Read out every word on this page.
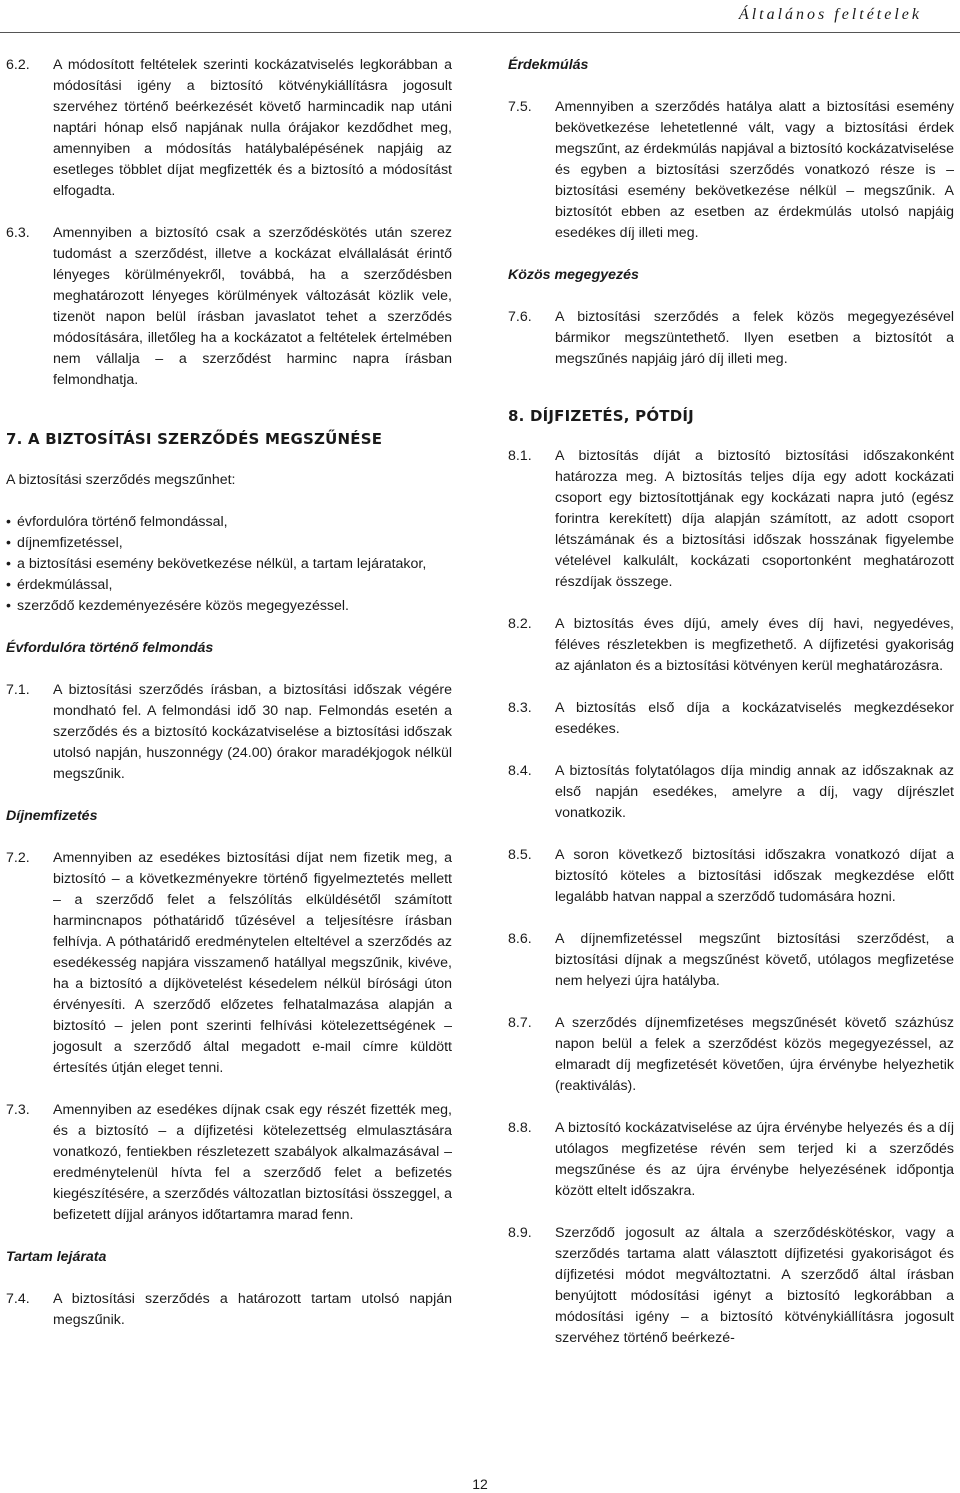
Általános feltételek
6.2.	A módosított feltételek szerinti kockázatviselés legkorábban a módosítási igény a biztosító kötvénykiállításra jogosult szervéhez történő beérkezését követő harmincadik nap utáni naptári hónap első napjának nulla órájakor kezdődhet meg, amennyiben a módosítás hatálybalépésének napjáig az esetleges többlet díjat megfizették és a biztosító a módosítást elfogadta.
6.3.	Amennyiben a biztosító csak a szerződéskötés után szerez tudomást a szerződést, illetve a kockázat elvállalását érintő lényeges körülményekről, továbbá, ha a szerződésben meghatározott lényeges körülmények változását közlik vele, tizenöt napon belül írásban javaslatot tehet a szerződés módosítására, illetőleg ha a kockázatot a feltételek értelmében nem vállalja – a szerződést harminc napra írásban felmondhatja.

7. A BIZTOSÍTÁSI SZERZŐDÉS MEGSZŰNÉSE

A biztosítási szerződés megszűnhet:

• évfordulóra történő felmondással,
• díjnemfizetéssel,
• a biztosítási esemény bekövetkezése nélkül, a tartam lejáratakor,
• érdekmúlással,
• szerződő kezdeményezésére közös megegyezéssel.

Évfordulóra történő felmondás

7.1.	A biztosítási szerződés írásban, a biztosítási időszak végére mondható fel. A felmondási idő 30 nap. Felmondás esetén a szerződés és a biztosító kockázatviselése a biztosítási időszak utolsó napján, huszonnégy (24.00) órakor maradékjogok nélkül megszűnik.

Díjnemfizetés

7.2.	Amennyiben az esedékes biztosítási díjat nem fizetik meg, a biztosító – a következményekre történő figyelmeztetés mellett – a szerződő felet a felszólítás elküldésétől számított harmincnapos póthatáridő tűzésével a teljesítésre írásban felhívja. A póthatáridő eredménytelen elteltével a szerződés az esedékesség napjára visszamenő hatállyal megszűnik, kivéve, ha a biztosító a díjkövetelést késedelem nélkül bírósági úton érvényesíti. A szerződő előzetes felhatalmazása alapján a biztosító – jelen pont szerinti felhívási kötelezettségének – jogosult a szerződő által megadott e-mail címre küldött értesítés útján eleget tenni.
7.3.	Amennyiben az esedékes díjnak csak egy részét fizették meg, és a biztosító – a díjfizetési kötelezettség elmulasztására vonatkozó, fentiekben részletezett szabályok alkalmazásával – eredménytelenül hívta fel a szerződő felet a befizetés kiegészítésére, a szerződés változatlan biztosítási összeggel, a befizetett díjjal arányos időtartamra marad fenn.

Tartam lejárata

7.4.	A biztosítási szerződés a határozott tartam utolsó napján megszűnik.

Érdekmúlás

7.5.	Amennyiben a szerződés hatálya alatt a biztosítási esemény bekövetkezése lehetetlenné vált, vagy a biztosítási érdek megszűnt, az érdekmúlás napjával a biztosító kockázatviselése és egyben a biztosítási szerződés vonatkozó része is – biztosítási esemény bekövetkezése nélkül – megszűnik. A biztosítót ebben az esetben az érdekmúlás utolsó napjáig esedékes díj illeti meg.

Közös megegyezés

7.6.	A biztosítási szerződés a felek közös megegyezésével bármikor megszüntethető. Ilyen esetben a biztosítót a megszűnés napjáig járó díj illeti meg.

8. DÍJFIZETÉS, PÓTDÍJ

8.1.	A biztosítás díját a biztosító biztosítási időszakonként határozza meg. A biztosítás teljes díja egy adott kockázati csoport egy biztosítottjának egy kockázati napra jutó (egész forintra kerekített) díja alapján számított, az adott csoport létszámának és a biztosítási időszak hosszának figyelembe vételével kalkulált, kockázati csoportonként meghatározott részdíjak összege.
8.2.	A biztosítás éves díjú, amely éves díj havi, negyedéves, féléves részletekben is megfizethető. A díjfizetési gyakoriság az ajánlaton és a biztosítási kötvényen kerül meghatározásra.
8.3.	A biztosítás első díja a kockázatviselés megkezdésekor esedékes.
8.4.	A biztosítás folytatólagos díja mindig annak az időszaknak az első napján esedékes, amelyre a díj, vagy díjrészlet vonatkozik.
8.5.	A soron következő biztosítási időszakra vonatkozó díjat a biztosító köteles a biztosítási időszak megkezdése előtt legalább hatvan nappal a szerződő tudomására hozni.
8.6.	A díjnemfizetéssel megszűnt biztosítási szerződést, a biztosítási díjnak a megszűnést követő, utólagos megfizetése nem helyezi újra hatályba.
8.7.	A szerződés díjnemfizetéses megszűnését követő százhúsz napon belül a felek a szerződést közös megegyezéssel, az elmaradt díj megfizetését követően, újra érvénybe helyezhetik (reaktiválás).
8.8.	A biztosító kockázatviselése az újra érvénybe helyezés és a díj utólagos megfizetése révén sem terjed ki a szerződés megszűnése és az újra érvénybe helyezésének időpontja között eltelt időszakra.
8.9.	Szerződő jogosult az általa a szerződéskötéskor, vagy a szerződés tartama alatt választott díjfizetési gyakoriságot és díjfizetési módot megváltoztatni. A szerződő által írásban benyújtott módosítási igényt a biztosító legkorábban a módosítási igény – a biztosító kötvénykiállításra jogosult szervéhez történő beérkezé-
12
